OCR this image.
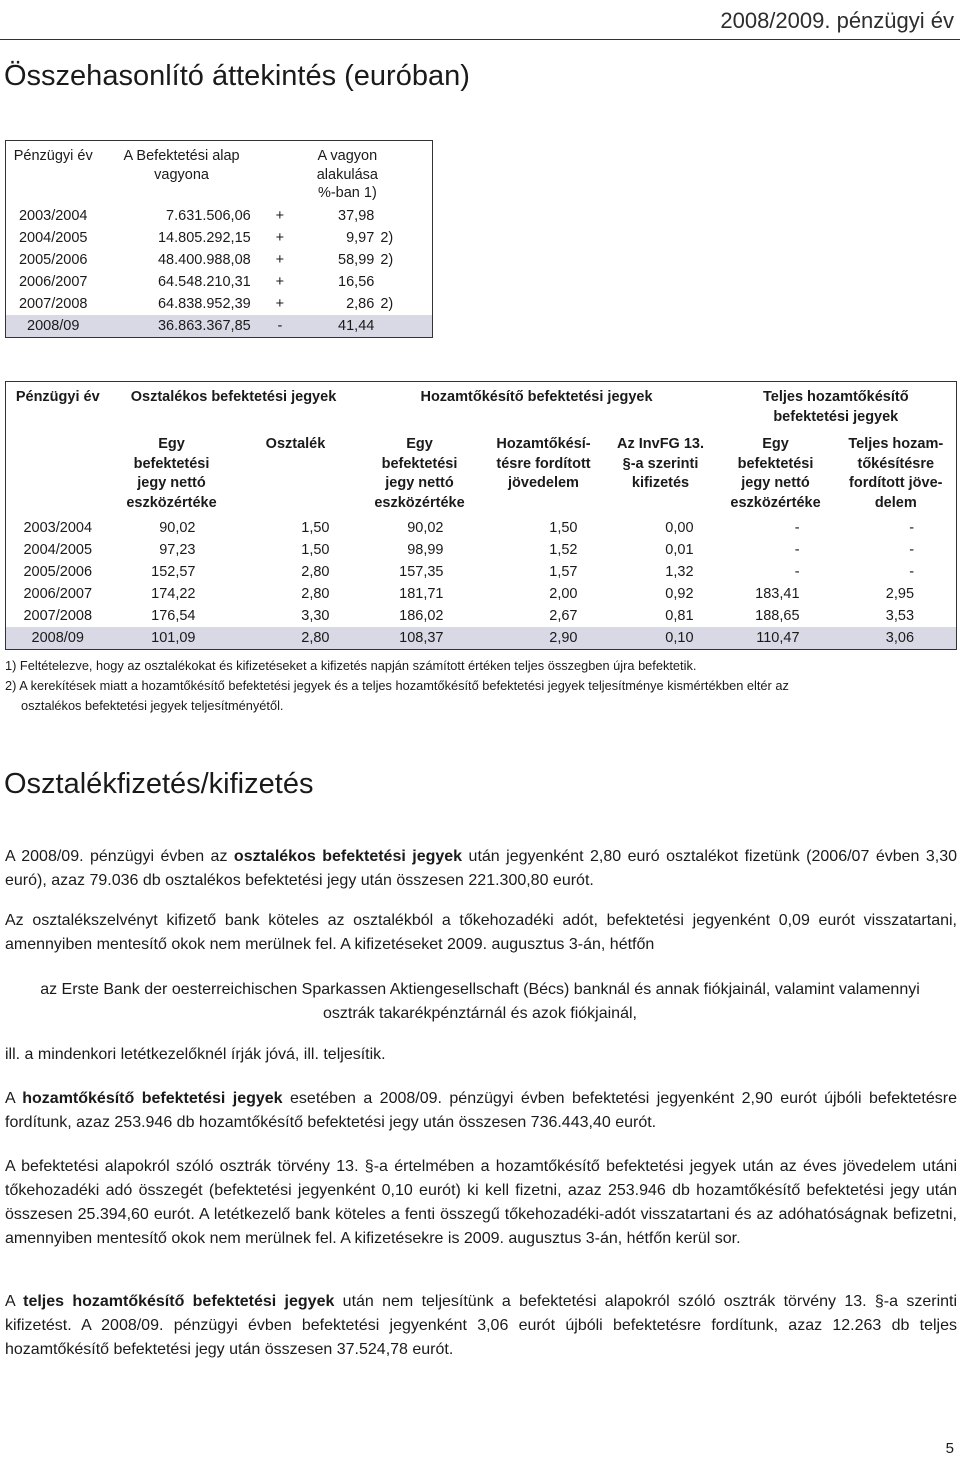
2008/2009. pénzügyi év
Összehasonlító áttekintés (euróban)
Pénzügyi év	A Befektetési alap vagyona	A vagyon alakulása %-ban 1)		
2003/2004	7.631.506,06	+	37,98	
2004/2005	14.805.292,15	+	9,97	2)
2005/2006	48.400.988,08	+	58,99	2)
2006/2007	64.548.210,31	+	16,56	
2007/2008	64.838.952,39	+	2,86	2)
2008/09	36.863.367,85	-	41,44	
Pénzügyi év	Osztalékos befektetési jegyek		Hozamtőkésítő befektetési jegyek			Teljes hozamtőkésítő befektetési jegyek	
	Egy befektetési jegy nettó eszközértéke	Osztalék	Egy befektetési jegy nettó eszközértéke	Hozamtőkésítésre fordított jövedelem	Az InvFG 13. §-a szerinti kifizetés	Egy befektetési jegy nettó eszközértéke	Teljes hozamtőkésítésre fordított jövedelem
2003/2004	90,02	1,50	90,02	1,50	0,00	-	-
2004/2005	97,23	1,50	98,99	1,52	0,01	-	-
2005/2006	152,57	2,80	157,35	1,57	1,32	-	-
2006/2007	174,22	2,80	181,71	2,00	0,92	183,41	2,95
2007/2008	176,54	3,30	186,02	2,67	0,81	188,65	3,53
2008/09	101,09	2,80	108,37	2,90	0,10	110,47	3,06

1) Feltételezve, hogy az osztalékokat és kifizetéseket a kifizetés napján számított értéken teljes összegben újra befektetik.

2) A kerekítések miatt a hozamtőkésítő befektetési jegyek és a teljes hozamtőkésítő befektetési jegyek teljesítménye kismértékben eltér az

osztalékos befektetési jegyek teljesítményétől.

Osztalékfizetés/kifizetés

A 2008/09. pénzügyi évben az osztalékos befektetési jegyek után jegyenként 2,80 euró osztalékot fizetünk (2006/07 évben 3,30 euró), azaz 79.036 db osztalékos befektetési jegy után összesen 221.300,80 eurót.

Az osztalékszelvényt kifizető bank köteles az osztalékból a tőkehozadéki adót, befektetési jegyenként 0,09 eurót visszatartani, amennyiben mentesítő okok nem merülnek fel. A kifizetéseket 2009. augusztus 3-án, hétfőn

az Erste Bank der oesterreichischen Sparkassen Aktiengesellschaft (Bécs) banknál és annak fiókjainál, valamint valamennyi osztrák takarékpénztárnál és azok fiókjainál,

ill. a mindenkori letétkezelőknél írják jóvá, ill. teljesítik.

A hozamtőkésítő befektetési jegyek esetében a 2008/09. pénzügyi évben befektetési jegyenként 2,90 eurót újbóli befektetésre fordítunk, azaz 253.946 db hozamtőkésítő befektetési jegy után összesen 736.443,40 eurót.

A befektetési alapokról szóló osztrák törvény 13. §-a értelmében a hozamtőkésítő befektetési jegyek után az éves jövedelem utáni tőkehozadéki adó összegét (befektetési jegyenként 0,10 eurót) ki kell fizetni, azaz 253.946 db hozamtőkésítő befektetési jegy után összesen 25.394,60 eurót. A letétkezelő bank köteles a fenti összegű tőkehozadéki-adót visszatartani és az adóhatóságnak befizetni, amennyiben mentesítő okok nem merülnek fel. A kifizetésekre is 2009. augusztus 3-án, hétfőn kerül sor.

A teljes hozamtőkésítő befektetési jegyek után nem teljesítünk a befektetési alapokról szóló osztrák törvény 13. §-a szerinti kifizetést. A 2008/09. pénzügyi évben befektetési jegyenként 3,06 eurót újbóli befektetésre fordítunk, azaz 12.263 db teljes hozamtőkésítő befektetési jegy után összesen 37.524,78 eurót.

5
